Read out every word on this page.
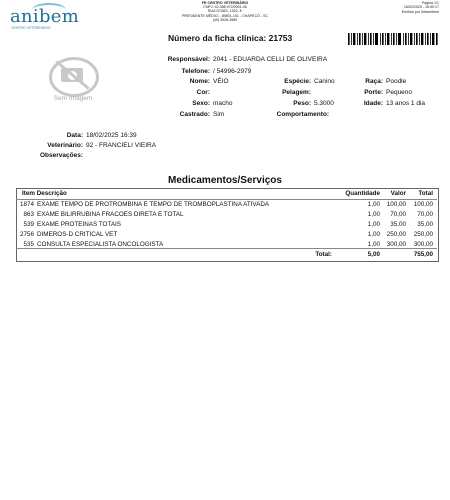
anibem
CENTRO VETERINÁRIO
FR CENTRO VETERINÁRIO
CNPJ: 42.388.972/0001-45
RUA GOIÁS, 1020, E
PRESIDENTE MÉDICI - 89801-151 - CHAPECÓ - SC
(49) 3026-3989
Página 1/1
18/02/2025 - 16:50:17
Emitido por Vetamibem
Número da ficha clínica: 21753
Sem Imagem
Responsável: 2041 - EDUARDA CELLI DE OLIVEIRA
Telefone: / 54996-2979
Nome: VÉIO	Espécie: Canino	Raça: Poodle
Cor:	Pelagem:	Porte: Pequeno
Sexo: macho	Peso: 5.3000	Idade: 13 anos 1 dia
Castrado: Sim	Comportamento:
Data: 18/02/2025 16:39
Veterinário: 92 - FRANCIELI VIEIRA
Observações:
Medicamentos/Serviços
Item Descrição	Quantidade	Valor	Total
1874 EXAME TEMPO DE PROTROMBINA E TEMPO DE TROMBOPLASTINA ATIVADA	1,00	100,00	100,00
863 EXAME BILIRRUBINA FRACOES DIRETA E TOTAL	1,00	70,00	70,00
539 EXAME PROTEINAS TOTAIS	1,00	35,00	35,00
2756 DIMEROS-D CRITICAL VET	1,00	250,00	250,00
535 CONSULTA ESPECIALISTA ONCOLOGISTA	1,00	300,00	300,00
Total:	5,00	755,00
